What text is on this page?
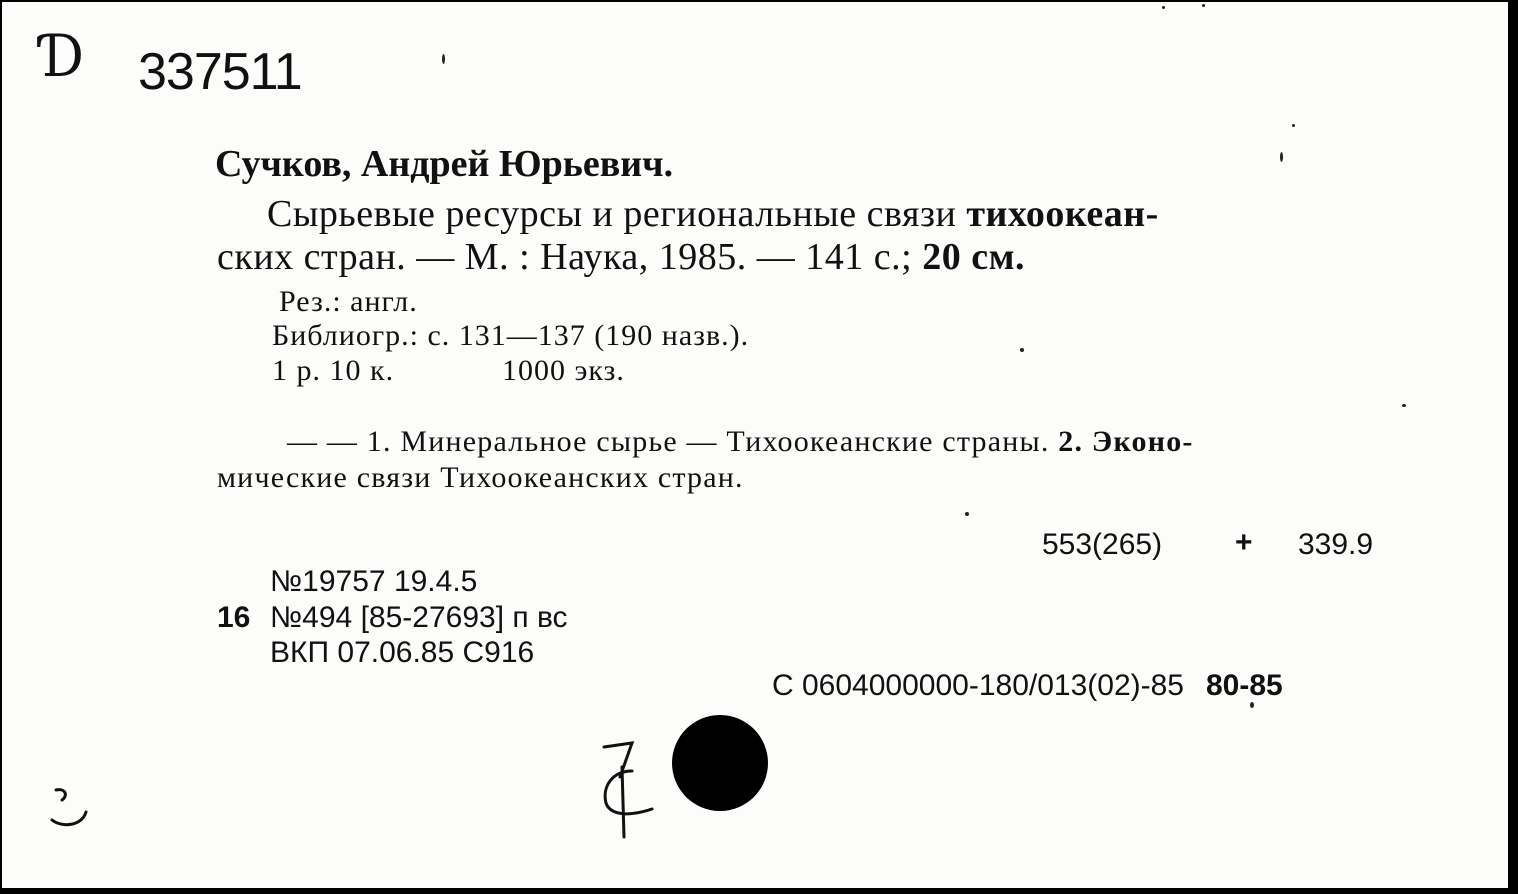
Ɗ 337511
Сучков, Андрей Юрьевич.
Сырьевые ресурсы и региональные связи тихоокеан-
ских стран. — М. : Наука, 1985. — 141 с.; 20 см.
Рез.: англ.
Библиогр.: с. 131—137 (190 назв.).
1 р. 10 к.	1000 экз.
— — 1. Минеральное сырье — Тихоокеанские страны. 2. Эконо-
мические связи Тихоокеанских стран.
553(265) + 339.9
№19757 19.4.5
16 №494 [85-27693] п вс
ВКП 07.06.85 С916
С 0604000000-180/013(02)-85 80-85
